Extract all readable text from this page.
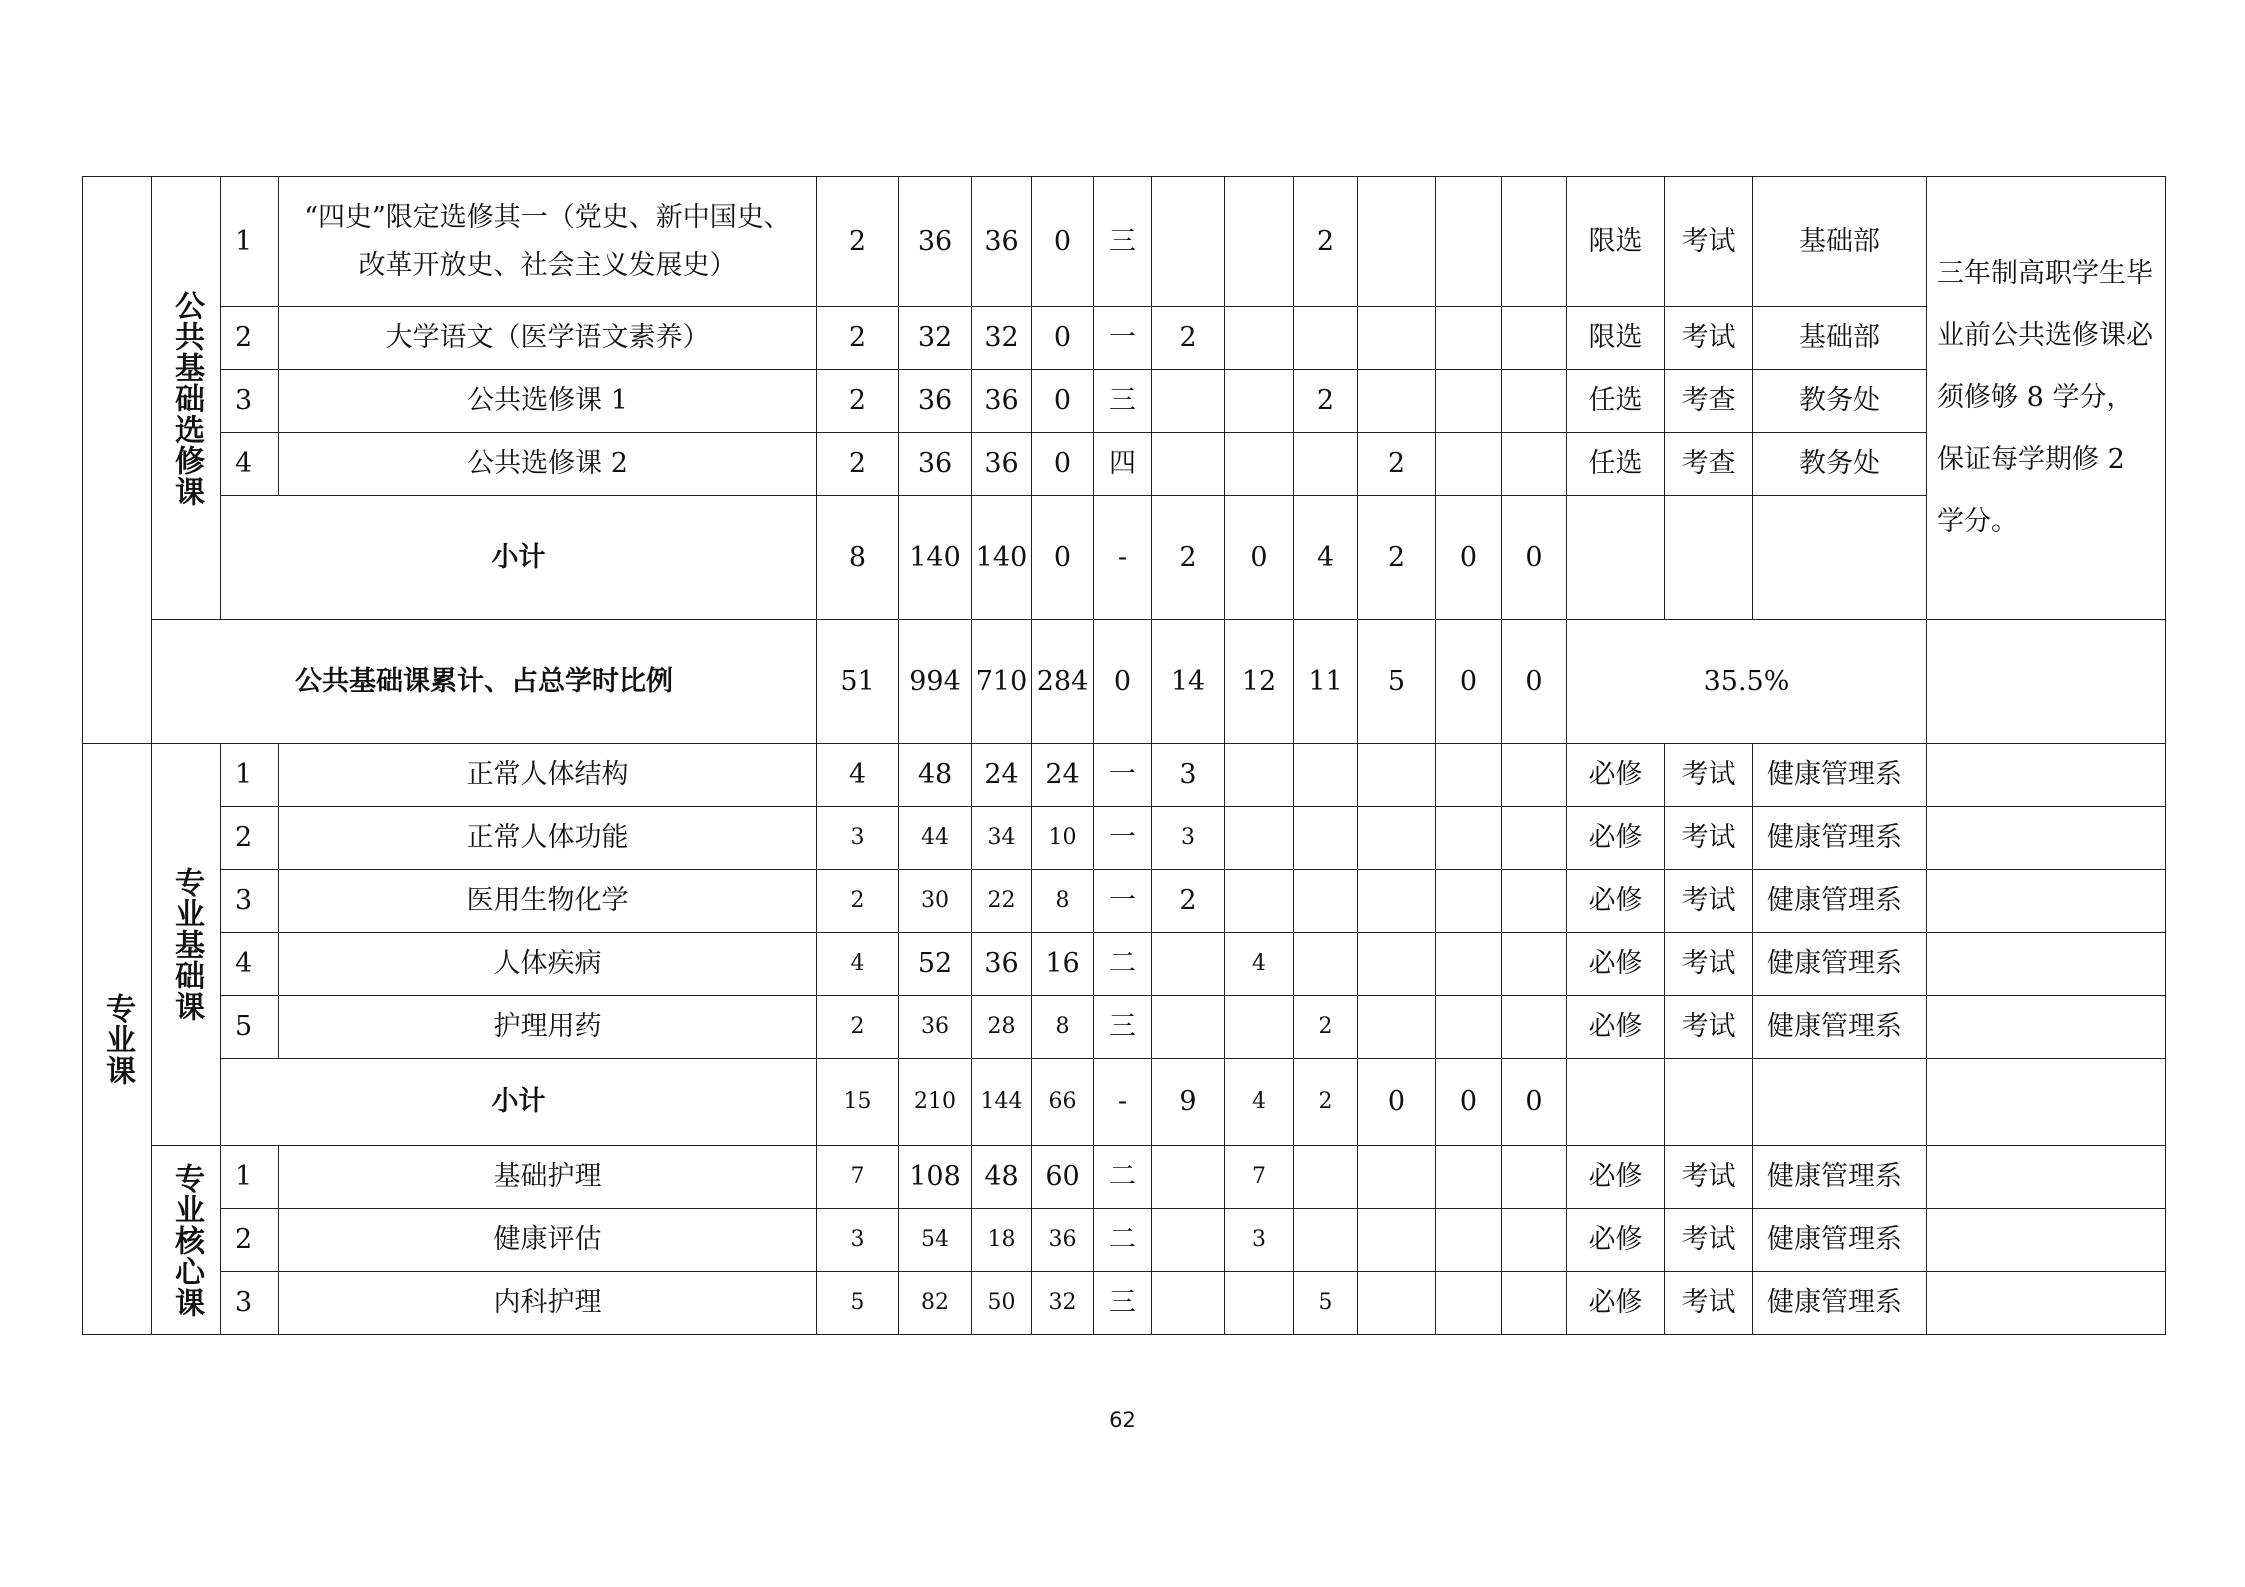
	公共基础选修课	1	“四史”限定选修其一（党史、新中国史、改革开放史、社会主义发展史）	2	36	36	0	三			2				限选	考试	基础部	三年制高职学生毕业前公共选修课必须修够 8 学分，保证每学期修 2 学分。
		2	大学语文（医学语文素养）	2	32	32	0	一	2						限选	考试	基础部	
		3	公共选修课 1	2	36	36	0	三			2				任选	考查	教务处	
		4	公共选修课 2	2	36	36	0	四				2			任选	考查	教务处	
		小计		8	140	140	0	-	2	0	4	2	0	0				
	公共基础课累计、占总学时比例			51	994	710	284	0	14	12	11	5	0	0	35.5%			
专业课	专业基础课	1	正常人体结构	4	48	24	24	一	3						必修	考试	健康管理系	
		2	正常人体功能	3	44	34	10	一	3						必修	考试	健康管理系	
		3	医用生物化学	2	30	22	8	一	2						必修	考试	健康管理系	
		4	人体疾病	4	52	36	16	二		4					必修	考试	健康管理系	
		5	护理用药	2	36	28	8	三			2				必修	考试	健康管理系	
		小计		15	210	144	66	-	9	4	2	0	0	0				
	专业核心课	1	基础护理	7	108	48	60	二		7					必修	考试	健康管理系	
		2	健康评估	3	54	18	36	二		3					必修	考试	健康管理系	
		3	内科护理	5	82	50	32	三			5				必修	考试	健康管理系	
62
